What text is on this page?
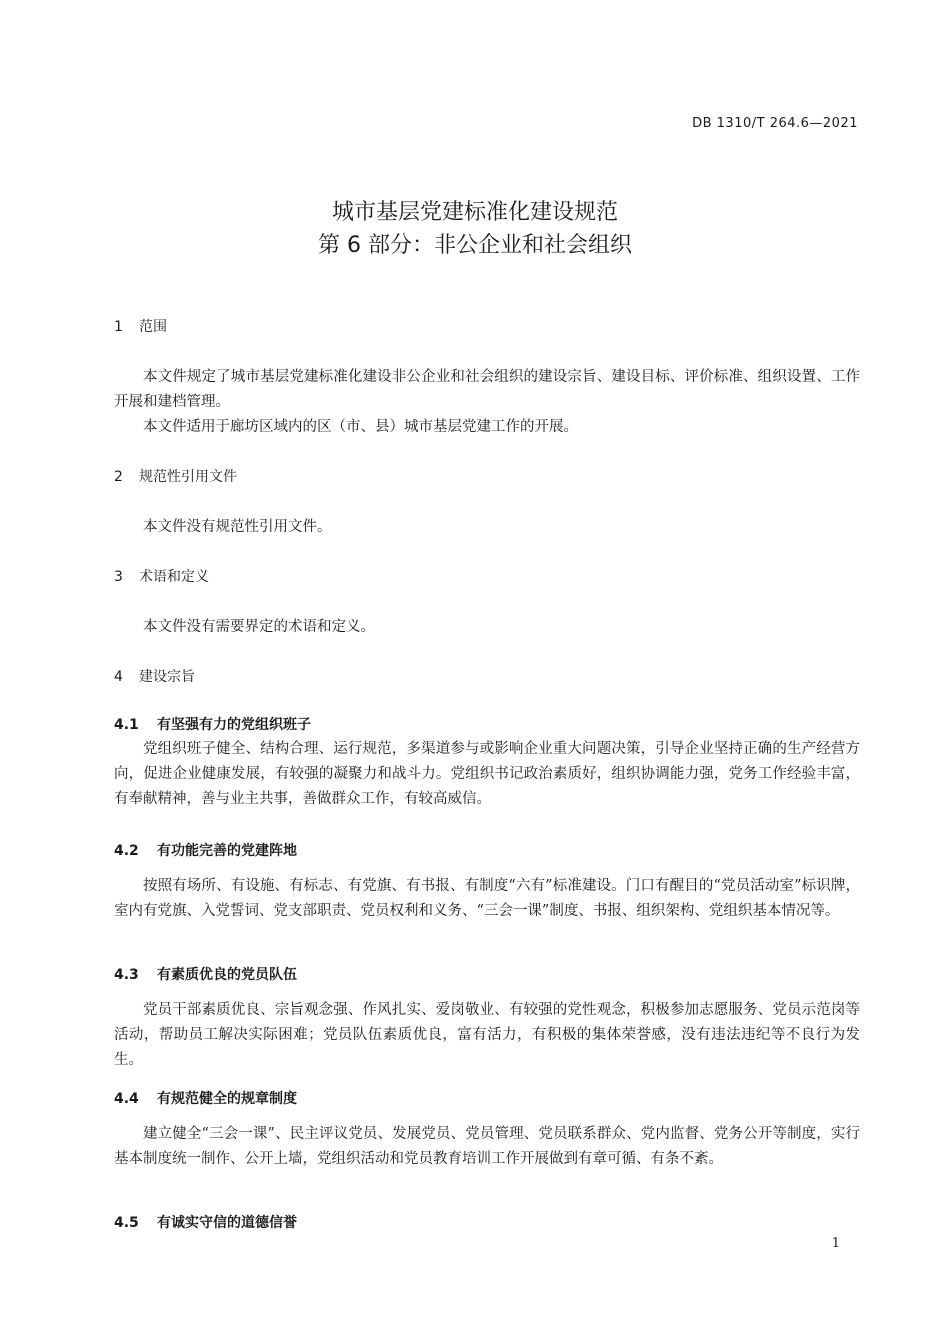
DB 1310/T 264.6—2021
城市基层党建标准化建设规范
第 6 部分：非公企业和社会组织
1 范围
本文件规定了城市基层党建标准化建设非公企业和社会组织的建设宗旨、建设目标、评价标准、组织设置、工作开展和建档管理。
本文件适用于廊坊区域内的区（市、县）城市基层党建工作的开展。
2 规范性引用文件
本文件没有规范性引用文件。
3 术语和定义
本文件没有需要界定的术语和定义。
4 建设宗旨
4.1 有坚强有力的党组织班子
党组织班子健全、结构合理、运行规范，多渠道参与或影响企业重大问题决策，引导企业坚持正确的生产经营方向，促进企业健康发展，有较强的凝聚力和战斗力。党组织书记政治素质好，组织协调能力强，党务工作经验丰富，有奉献精神，善与业主共事，善做群众工作，有较高威信。
4.2 有功能完善的党建阵地
按照有场所、有设施、有标志、有党旗、有书报、有制度“六有”标准建设。门口有醒目的“党员活动室”标识牌，室内有党旗、入党誓词、党支部职责、党员权利和义务、“三会一课”制度、书报、组织架构、党组织基本情况等。
4.3 有素质优良的党员队伍
党员干部素质优良、宗旨观念强、作风扎实、爱岗敬业、有较强的党性观念，积极参加志愿服务、党员示范岗等活动，帮助员工解决实际困难；党员队伍素质优良，富有活力，有积极的集体荣誉感，没有违法违纪等不良行为发生。
4.4 有规范健全的规章制度
建立健全“三会一课”、民主评议党员、发展党员、党员管理、党员联系群众、党内监督、党务公开等制度，实行基本制度统一制作、公开上墙，党组织活动和党员教育培训工作开展做到有章可循、有条不紊。
4.5 有诚实守信的道德信誉
1
